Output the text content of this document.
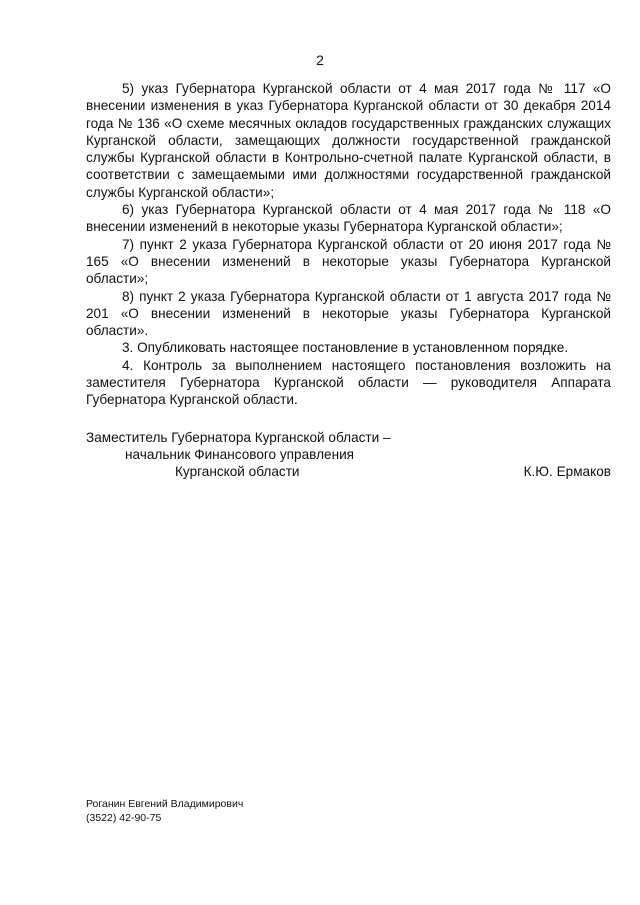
2

5) указ Губернатора Курганской области от 4 мая 2017 года № 117 «О внесении изменения в указ Губернатора Курганской области от 30 декабря 2014 года № 136 «О схеме месячных окладов государственных гражданских служащих Курганской области, замещающих должности государственной гражданской службы Курганской области в Контрольно-счетной палате Курганской области, в соответствии с замещаемыми ими должностями государственной гражданской службы Курганской области»;

6) указ Губернатора Курганской области от 4 мая 2017 года № 118 «О внесении изменений в некоторые указы Губернатора Курганской области»;

7) пункт 2 указа Губернатора Курганской области от 20 июня 2017 года № 165 «О внесении изменений в некоторые указы Губернатора Курганской области»;

8) пункт 2 указа Губернатора Курганской области от 1 августа 2017 года № 201 «О внесении изменений в некоторые указы Губернатора Курганской области».

3. Опубликовать настоящее постановление в установленном порядке.

4. Контроль за выполнением настоящего постановления возложить на заместителя Губернатора Курганской области — руководителя Аппарата Губернатора Курганской области.

Заместитель Губернатора Курганской области –
начальник Финансового управления
Курганской области	К.Ю. Ермаков
Роганин Евгений Владимирович
(3522) 42-90-75
